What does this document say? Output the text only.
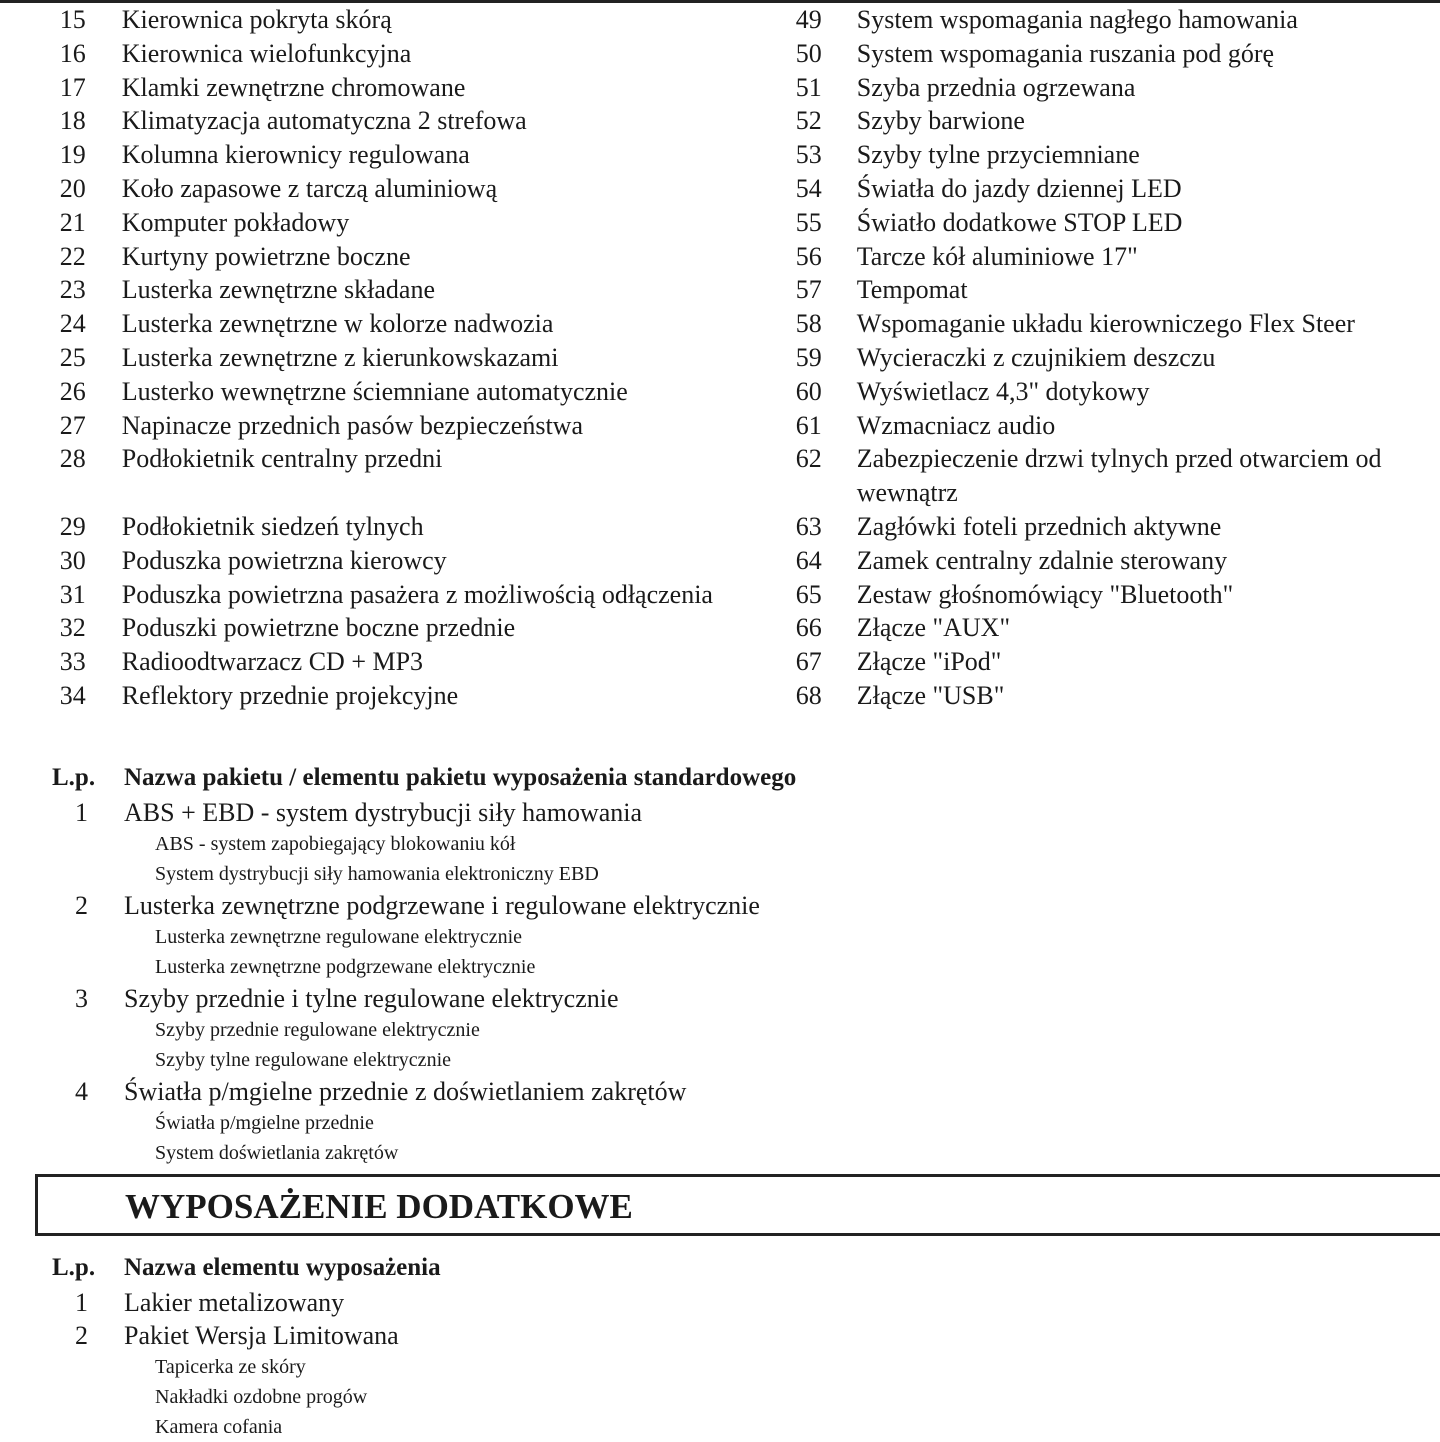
15	Kierownica pokryta skórą	49	System wspomagania nagłego hamowania
16	Kierownica wielofunkcyjna	50	System wspomagania ruszania pod górę
17	Klamki zewnętrzne chromowane	51	Szyba przednia ogrzewana
18	Klimatyzacja automatyczna 2 strefowa	52	Szyby barwione
19	Kolumna kierownicy regulowana	53	Szyby tylne przyciemniane
20	Koło zapasowe z tarczą aluminiową	54	Światła do jazdy dziennej LED
21	Komputer pokładowy	55	Światło dodatkowe STOP LED
22	Kurtyny powietrzne boczne	56	Tarcze kół aluminiowe 17"
23	Lusterka zewnętrzne składane	57	Tempomat
24	Lusterka zewnętrzne w kolorze nadwozia	58	Wspomaganie układu kierowniczego Flex Steer
25	Lusterka zewnętrzne z kierunkowskazami	59	Wycieraczki z czujnikiem deszczu
26	Lusterko wewnętrzne ściemniane automatycznie	60	Wyświetlacz 4,3" dotykowy
27	Napinacze przednich pasów bezpieczeństwa	61	Wzmacniacz audio
28	Podłokietnik centralny przedni	62	Zabezpieczenie drzwi tylnych przed otwarciem od wewnątrz
29	Podłokietnik siedzeń tylnych	63	Zagłówki foteli przednich aktywne
30	Poduszka powietrzna kierowcy	64	Zamek centralny zdalnie sterowany
31	Poduszka powietrzna pasażera z możliwością odłączenia	65	Zestaw głośnomówiący "Bluetooth"
32	Poduszki powietrzne boczne przednie	66	Złącze "AUX"
33	Radioodtwarzacz CD + MP3	67	Złącze "iPod"
34	Reflektory przednie projekcyjne	68	Złącze "USB"
L.p.	Nazwa pakietu / elementu pakietu wyposażenia standardowego
1	ABS + EBD - system dystrybucji siły hamowania
ABS - system zapobiegający blokowaniu kół
System dystrybucji siły hamowania elektroniczny EBD
2	Lusterka zewnętrzne podgrzewane i regulowane elektrycznie
Lusterka zewnętrzne regulowane elektrycznie
Lusterka zewnętrzne podgrzewane elektrycznie
3	Szyby przednie i tylne regulowane elektrycznie
Szyby przednie regulowane elektrycznie
Szyby tylne regulowane elektrycznie
4	Światła p/mgielne przednie z doświetlaniem zakrętów
Światła p/mgielne przednie
System doświetlania zakrętów
WYPOSAŻENIE DODATKOWE
L.p.	Nazwa elementu wyposażenia
1	Lakier metalizowany
2	Pakiet Wersja Limitowana
Tapicerka ze skóry
Nakładki ozdobne progów
Kamera cofania
